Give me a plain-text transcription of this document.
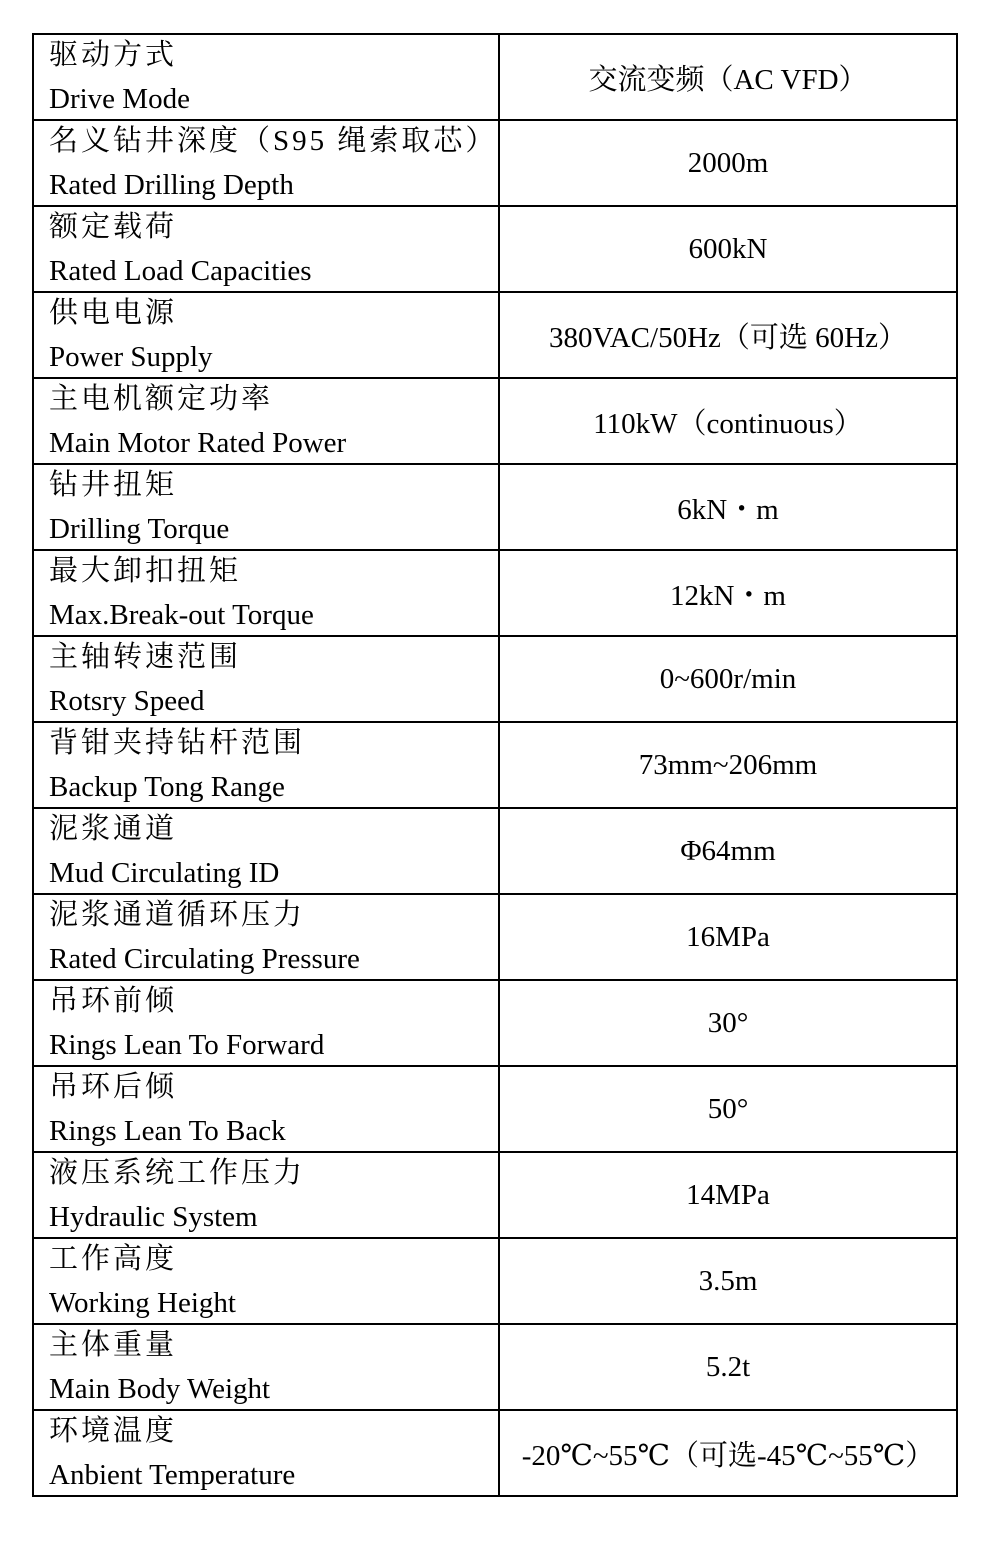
驱动方式
Drive Mode	交流变频（AC VFD）

名义钻井深度（S95 绳索取芯）
Rated Drilling Depth	2000m

额定载荷
Rated Load Capacities	600kN

供电电源
Power Supply	380VAC/50Hz（可选 60Hz）

主电机额定功率
Main Motor Rated Power	110kW（continuous）

钻井扭矩
Drilling Torque	6kN・m

最大卸扣扭矩
Max.Break-out Torque	12kN・m

主轴转速范围
Rotsry Speed	0~600r/min

背钳夹持钻杆范围
Backup Tong Range	73mm~206mm

泥浆通道
Mud Circulating ID	Φ64mm

泥浆通道循环压力
Rated Circulating Pressure	16MPa

吊环前倾
Rings Lean To Forward	30°

吊环后倾
Rings Lean To Back	50°

液压系统工作压力
Hydraulic System	14MPa

工作高度
Working Height	3.5m

主体重量
Main Body Weight	5.2t

环境温度
Anbient Temperature	-20℃~55℃（可选-45℃~55℃）
